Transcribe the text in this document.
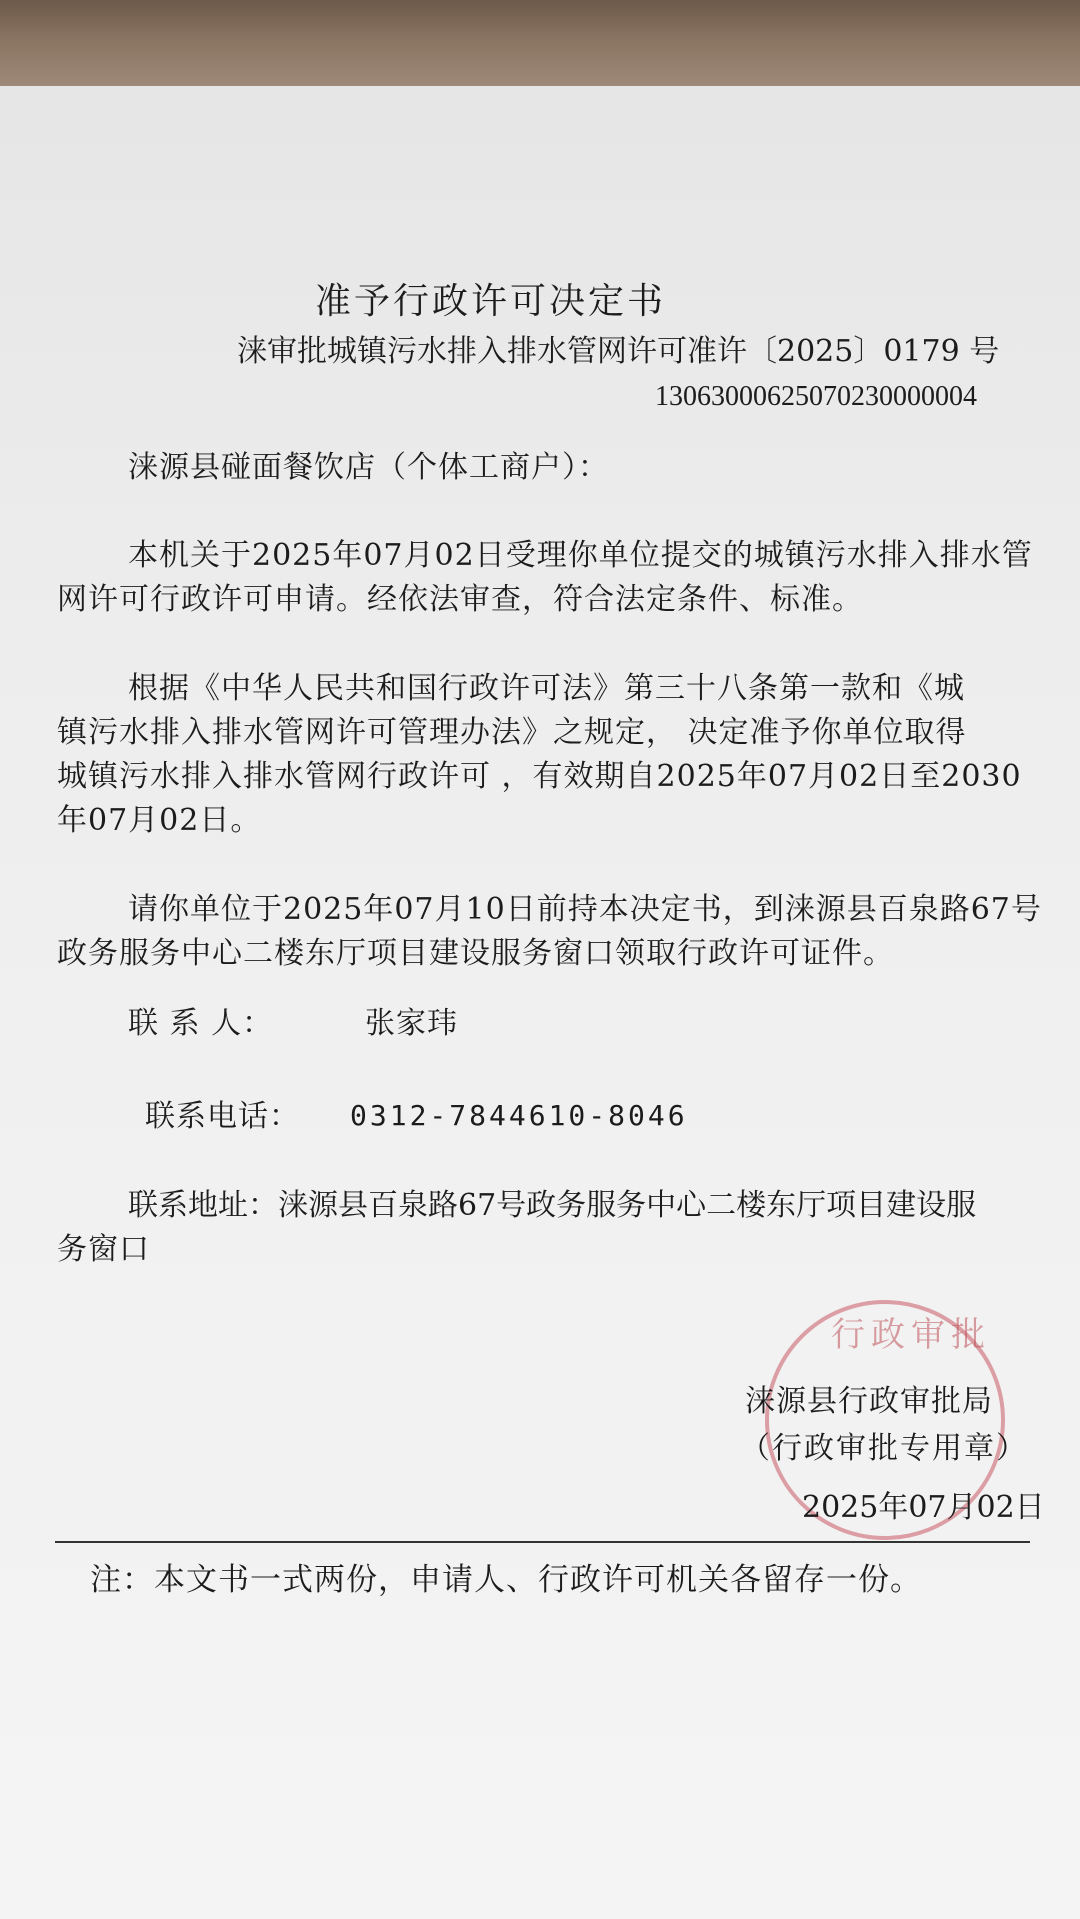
准予行政许可决定书
涞审批城镇污水排入排水管网许可准许〔2025〕0179 号
13063000625070230000004
涞源县碰面餐饮店（个体工商户）：
本机关于2025年07月02日受理你单位提交的城镇污水排入排水管
网许可行政许可申请。经依法审查，符合法定条件、标准。
根据《中华人民共和国行政许可法》第三十八条第一款和《城
镇污水排入排水管网许可管理办法》之规定， 决定准予你单位取得
城镇污水排入排水管网行政许可 ，有效期自2025年07月02日至2030
年07月02日。
请你单位于2025年07月10日前持本决定书，到涞源县百泉路67号
政务服务中心二楼东厅项目建设服务窗口领取行政许可证件。
联 系 人：	张家玮
联系电话： 0312-7844610-8046
联系地址：涞源县百泉路67号政务服务中心二楼东厅项目建设服
务窗口
行政审批
涞源县行政审批局
（行政审批专用章）
2025年07月02日
注：本文书一式两份，申请人、行政许可机关各留存一份。
